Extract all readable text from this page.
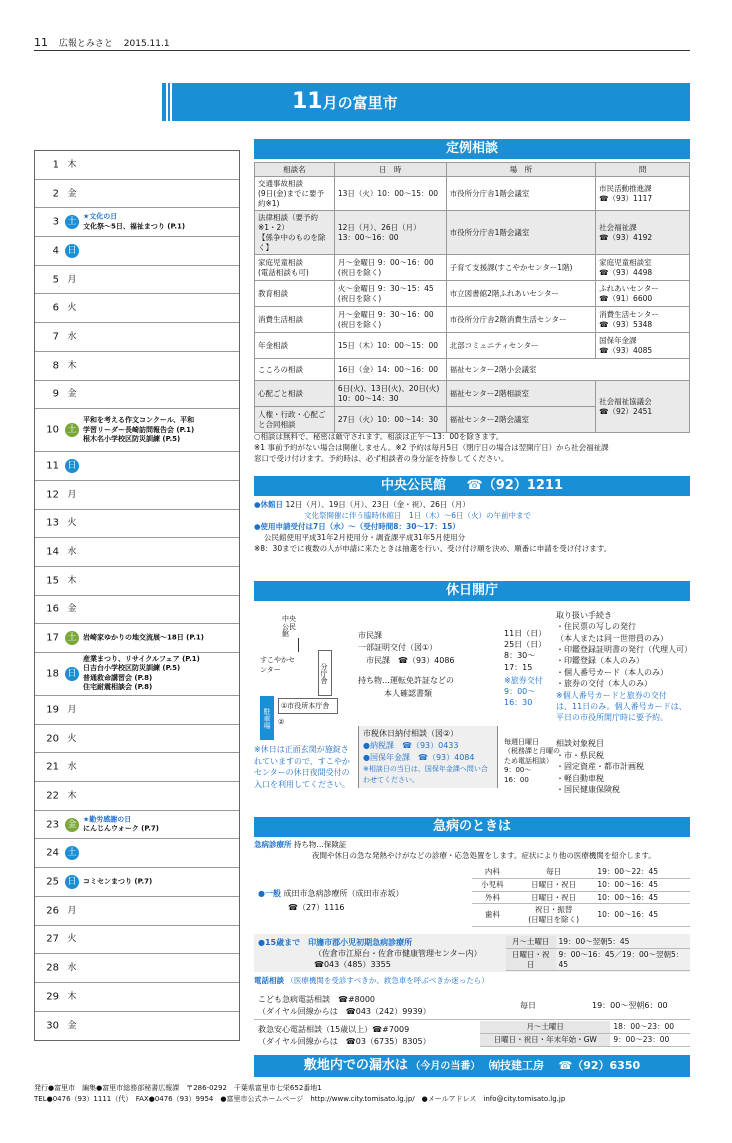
11 広報とみさと 2015.11.1
11月の富里市
1 木
2 金
3 土
★文化の日
文化祭～5日、福祉まつり (P.1)
4 日
5 月
6 火
7 水
8 木
9 金
10 土
平和を考える作文コンクール、平和
学習リーダー長崎訪問報告会 (P.1)
根木名小学校区防災訓練 (P.5)
11 日
12 月
13 火
14 水
15 木
16 金
17 土 岩崎家ゆかりの地交流展～18日 (P.1)
18 日
産業まつり、リサイクルフェア (P.1)
日吉台小学校区防災訓練 (P.5)
普通救命講習会 (P.8)
住宅耐震相談会 (P.8)
19 月
20 火
21 水
22 木
23 金
★勤労感謝の日
にんじんウォーク (P.7)
24 土
25 日 コミセンまつり (P.7)
26 月
27 火
28 水
29 木
30 金
定例相談
相談名	日　時	場　所	問
交通事故相談
(9日(金)までに要予約※1)	13日（火）10：00～15：00	市役所分庁舎1階会議室	市民活動推進課
☎（93）1117
法律相談（要予約※1・2）
【係争中のものを除く】	12日（月）、26日（月）
13：00～16：00	市役所分庁舎1階会議室	社会福祉課
☎（93）4192
家庭児童相談
(電話相談も可)	月～金曜日 9：00～16：00
(祝日を除く)	子育て支援課(すこやかセンター1階)	家庭児童相談室
☎（93）4498
教育相談	火～金曜日 9：30～15：45
(祝日を除く)	市立図書館2階ふれあいセンター	ふれあいセンター
☎（91）6600
消費生活相談	月～金曜日 9：30～16：00
(祝日を除く)	市役所分庁舎2階消費生活センター	消費生活センター
☎（93）5348
年金相談	15日（木）10：00～15：00	北部コミュニティセンター	国保年金課
☎（93）4085
こころの相談	16日（金）14：00～16：00	福祉センター2階小会議室	
心配ごと相談	6日(火)、13日(火)、20日(火)
10：00～14：30	福祉センター2階相談室	社会福祉協議会
☎（92）2451
人権・行政・心配ごと合同相談	27日（火）10：00～14：30	福祉センター2階会議室	
○相談は無料で、秘密は厳守されます。相談は正午～13：00を除きます。
※1 事前予約がない場合は開催しません。※2 予約は毎月5日（閉庁日の場合は翌開庁日）から社会福祉課
窓口で受け付けます。予約時は、必ず相談者の身分証を持参してください。
中央公民館 ☎（92）1211
●休館日 12日（月）、19日（月）、23日（金・祝）、26日（月）
文化祭開催に伴う臨時休館日　1日（木）～6日（火）の午前中まで
●使用申請受付は7日（水）～（受付時間8：30～17：15）
公民館使用平成31年2月使用分・調査課平成31年5月使用分
※8：30までに複数の人が申請に来たときは抽選を行い、受け付け順を決め、順番に申請を受け付けます。
休日開庁
中央公民館
すこやかセンター	分庁舎
駐車場
①市役所本庁舎
②
市民課
一部証明交付（図①）
市民課　☎（93）4086
持ち物…運転免許証などの
本人確認書類
11日（日）
25日（日）
8：30～
17：15
※旅券交付
9：00～
16：30
取り扱い手続き
・住民票の写しの発行
（本人または同一世帯員のみ）
・印鑑登録証明書の発行（代理人可）
・印鑑登録（本人のみ）
・個人番号カード（本人のみ）
・旅券の交付（本人のみ）
※個人番号カードと旅券の交付
は、11日のみ。個人番号カードは、
平日の市役所開庁時に要予約。
市税休日納付相談（図②）
●納税課　☎（93）0433
●国保年金課　☎（93）4084
※相談日の当日は、国保年金課へ問い合わせてください。
毎週日曜日
（税務課と月曜の
ため電話相談）
9：00～
16：00
相談対象税目
・市・県民税
・固定資産・都市計画税
・軽自動車税
・国民健康保険税
※休日は正面玄関が施錠されていますので、すこやかセンターの休日夜間受付の入口を利用してください。
急病のときは
急病診療所 持ち物…保険証
夜間や休日の急な発熱やけがなどの診療・応急処置をします。症状により他の医療機関を紹介します。
●一般 成田市急病診療所（成田市赤坂）
☎（27）1116
内科	毎日	19：00～22：45
小児科	日曜日・祝日	10：00～16：45
外科	日曜日・祝日	10：00～16：45
歯科	祝日・振替
(日曜日を除く)	10：00～16：45
●15歳まで　印旛市郡小児初期急病診療所
（佐倉市江原台・佐倉市健康管理センター内）
☎043（485）3355
月～土曜日	19：00～翌朝5：45
日曜日・祝日	9：00～16：45／19：00～翌朝5：45
電話相談 （医療機関を受診すべきか、救急車を呼ぶべきか迷ったら）
こども急病電話相談　☎#8000
（ダイヤル回線からは　☎043（242）9939）
毎日	19：00～翌朝6：00
救急安心電話相談（15歳以上）☎#7009
（ダイヤル回線からは　☎03（6735）8305）
月～土曜日	18：00～23：00
日曜日・祝日・年末年始・GW	9：00～23：00
敷地内での漏水は （今月の当番） ㈲技建工房 ☎（92）6350
発行●富里市　編集●富里市総務部秘書広報課　〒286-0292　千葉県富里市七栄652番地1
TEL●0476（93）1111（代）　FAX●0476（93）9954　●富里市公式ホームページ　http://www.city.tomisato.lg.jp/　●メールアドレス　info@city.tomisato.lg.jp
